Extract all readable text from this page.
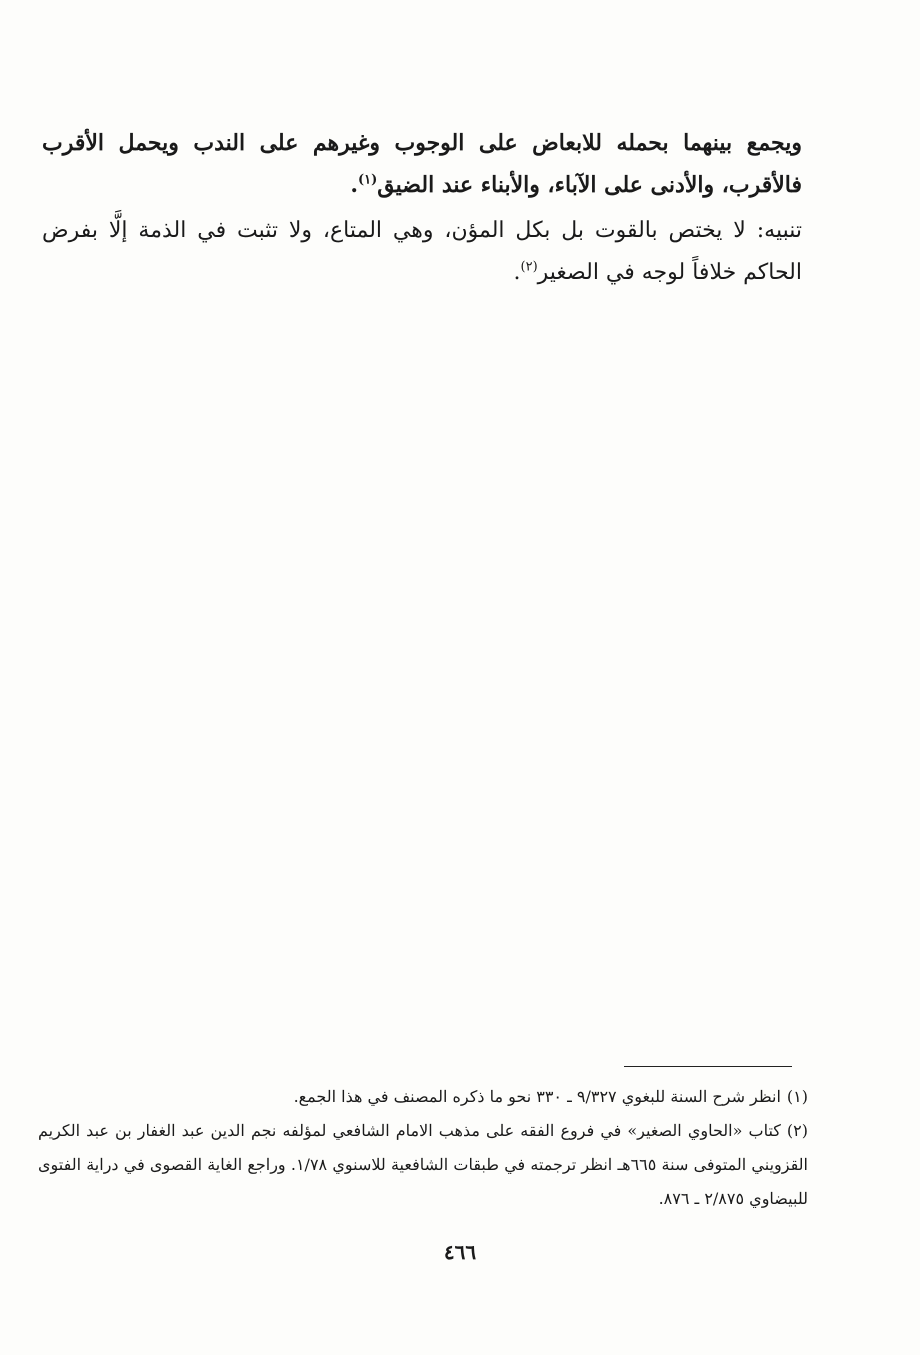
ويجمع بينهما بحمله للابعاض على الوجوب وغيرهم على الندب ويحمل الأقرب فالأقرب، والأدنى على الآباء، والأبناء عند الضيق$^{(١)}$.

تنبيه: لا يختص بالقوت بل بكل المؤن، وهي المتاع، ولا تثبت في الذمة إلَّا بفرض الحاكم خلافاً لوجه في الصغير$^{(٢)}$.

(١)انظر شرح السنة للبغوي ٩/٣٢٧ ـ ٣٣٠ نحو ما ذكره المصنف في هذا الجمع.

(٢)كتاب «الحاوي الصغير» في فروع الفقه على مذهب الامام الشافعي لمؤلفه نجم الدين عبد الغفار بن عبد الكريم القزويني المتوفى سنة ٦٦٥هـ انظر ترجمته في طبقات الشافعية للاسنوي ١/٧٨. وراجع الغاية القصوى في دراية الفتوى للبيضاوي ٢/٨٧٥ ـ ٨٧٦.

٤٦٦
